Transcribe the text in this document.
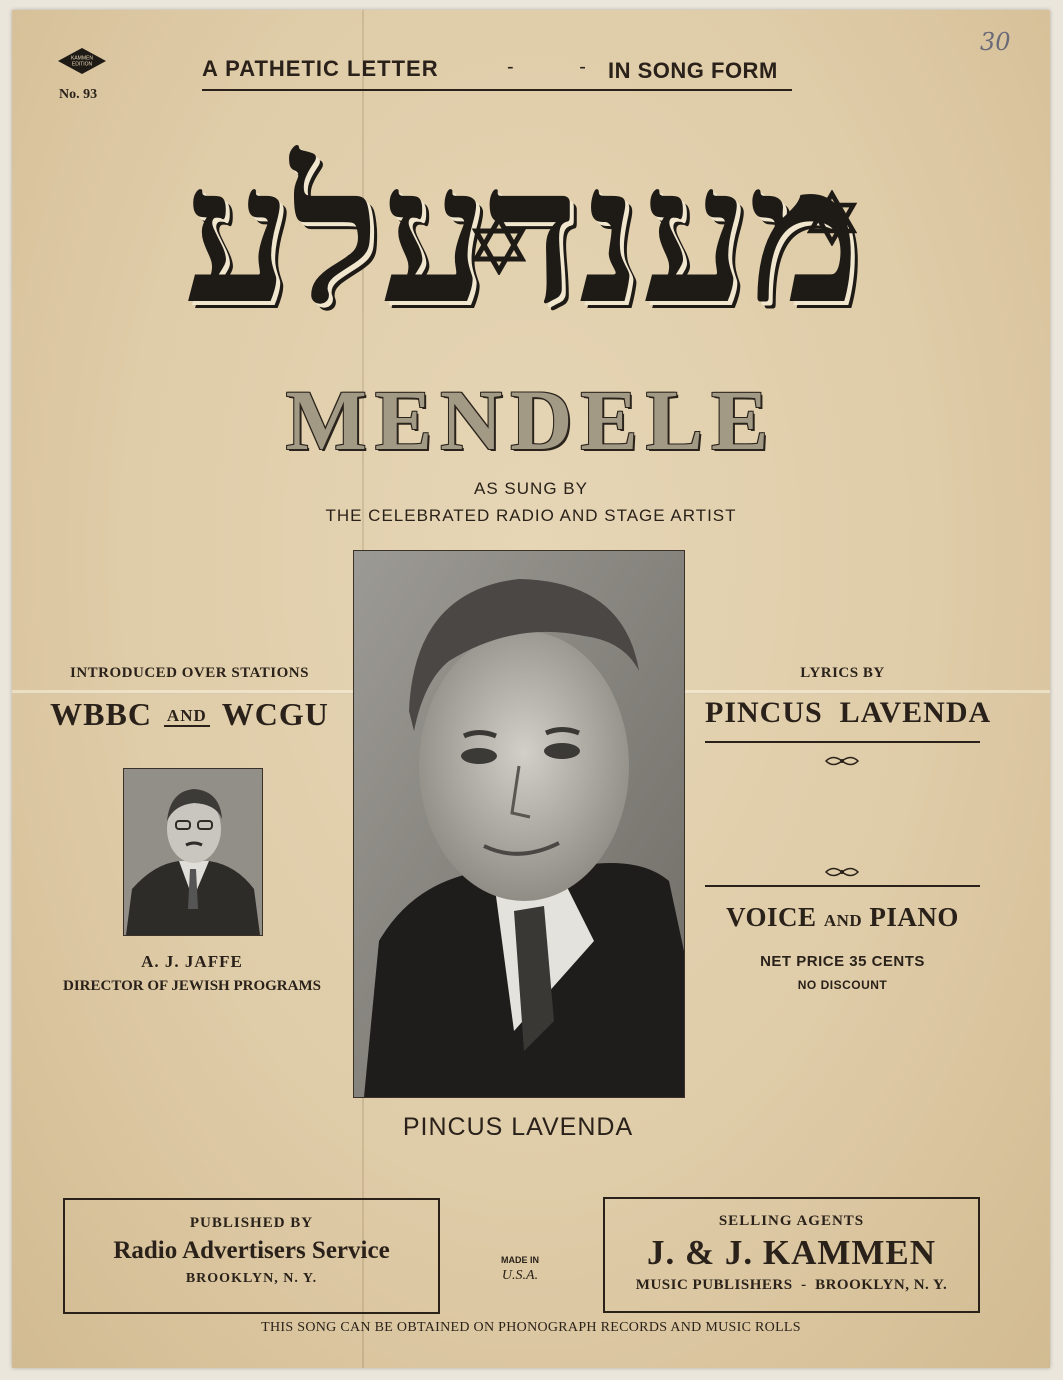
KAMMEN
EDITION
No. 93
A PATHETIC LETTER	- -
IN SONG FORM
30
מענדעלע
MENDELE
AS SUNG BY
THE CELEBRATED RADIO AND STAGE ARTIST
PINCUS LAVENDA
INTRODUCED OVER STATIONS
WBBC AND WCGU
A. J. JAFFE
DIRECTOR OF JEWISH PROGRAMS
LYRICS BY
PINCUS  LAVENDA
VOICE AND PIANO
NET PRICE 35 CENTS
NO DISCOUNT
PUBLISHED BY
Radio Advertisers Service
BROOKLYN, N. Y.
MADE IN
U.S.A.
SELLING AGENTS
J. & J. KAMMEN
MUSIC PUBLISHERS  -  BROOKLYN, N. Y.
THIS SONG CAN BE OBTAINED ON PHONOGRAPH RECORDS AND MUSIC ROLLS
